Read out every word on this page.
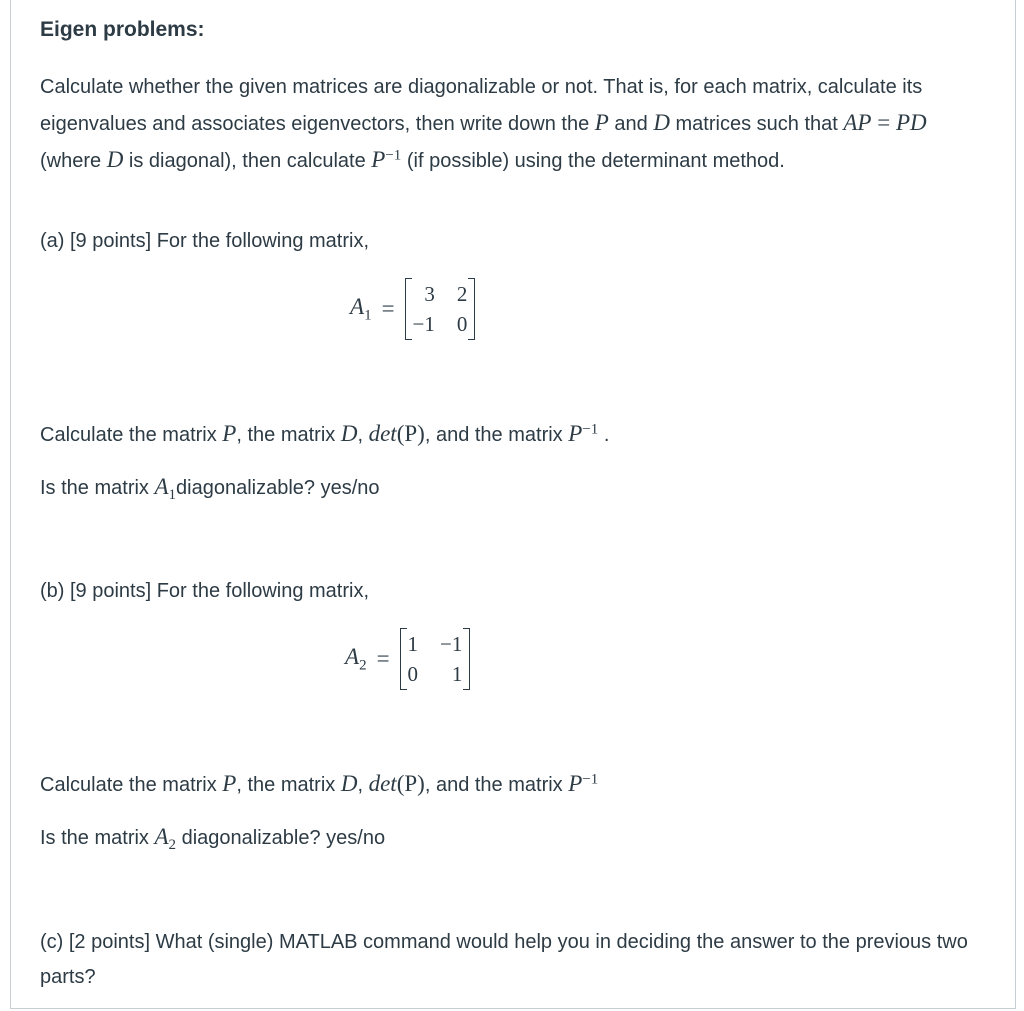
Eigen problems:
Calculate whether the given matrices are diagonalizable or not. That is, for each matrix, calculate its eigenvalues and associates eigenvectors, then write down the P and D matrices such that AP = PD (where D is diagonal), then calculate $P^{-1}$ (if possible) using the determinant method.
(a) [9 points] For the following matrix,
$A_1$ =
3 2
−1 0
Calculate the matrix P, the matrix D, det(P), and the matrix $P^{-1}$ .
Is the matrix $A_1diagonalizable$? yes/no
(b) [9 points] For the following matrix,
$A_2$ =
1 −1
0	1
Calculate the matrix P, the matrix D, det(P), and the matrix $P^{-1}$
Is the matrix $A_2$ diagonalizable? yes/no
(c) [2 points] What (single) MATLAB command would help you in deciding the answer to the previous two parts?
